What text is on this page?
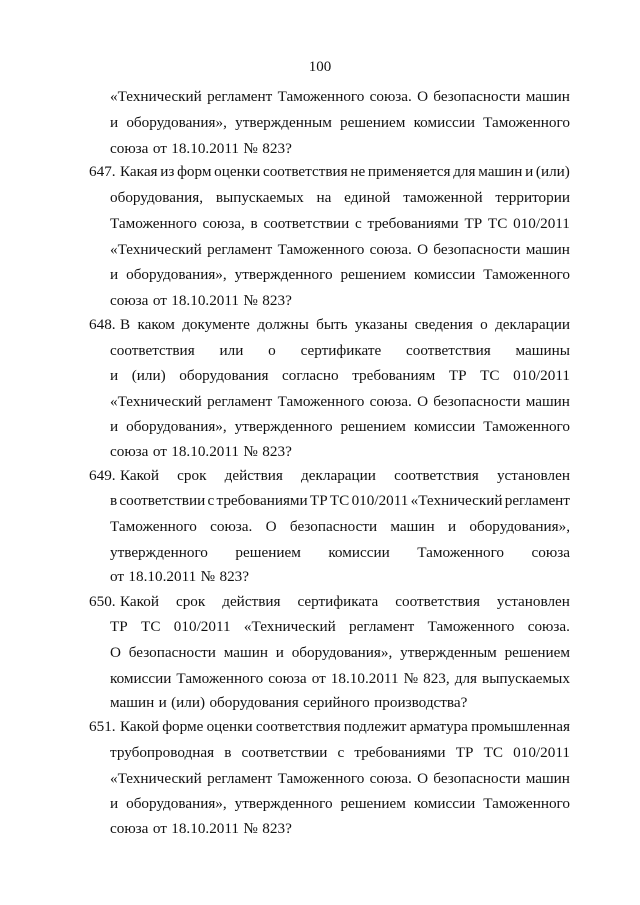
100
«Технический регламент Таможенного союза. О безопасности машин
и оборудования», утвержденным решением комиссии Таможенного
союза от 18.10.2011 № 823?
647. Какая из форм оценки соответствия не применяется для машин и (или)
оборудования, выпускаемых на единой таможенной территории
Таможенного союза, в соответствии с требованиями ТР ТС 010/2011
«Технический регламент Таможенного союза. О безопасности машин
и оборудования», утвержденного решением комиссии Таможенного
союза от 18.10.2011 № 823?
648. В каком документе должны быть указаны сведения о декларации
соответствия или о сертификате соответствия машины
и (или) оборудования согласно требованиям ТР ТС 010/2011
«Технический регламент Таможенного союза. О безопасности машин
и оборудования», утвержденного решением комиссии Таможенного
союза от 18.10.2011 № 823?
649. Какой срок действия декларации соответствия установлен
в соответствии с требованиями ТР ТС 010/2011 «Технический регламент
Таможенного союза. О безопасности машин и оборудования»,
утвержденного решением комиссии Таможенного союза
от 18.10.2011 № 823?
650. Какой срок действия сертификата соответствия установлен
ТР ТС 010/2011 «Технический регламент Таможенного союза.
О безопасности машин и оборудования», утвержденным решением
комиссии Таможенного союза от 18.10.2011 № 823, для выпускаемых
машин и (или) оборудования серийного производства?
651. Какой форме оценки соответствия подлежит арматура промышленная
трубопроводная в соответствии с требованиями ТР ТС 010/2011
«Технический регламент Таможенного союза. О безопасности машин
и оборудования», утвержденного решением комиссии Таможенного
союза от 18.10.2011 № 823?
